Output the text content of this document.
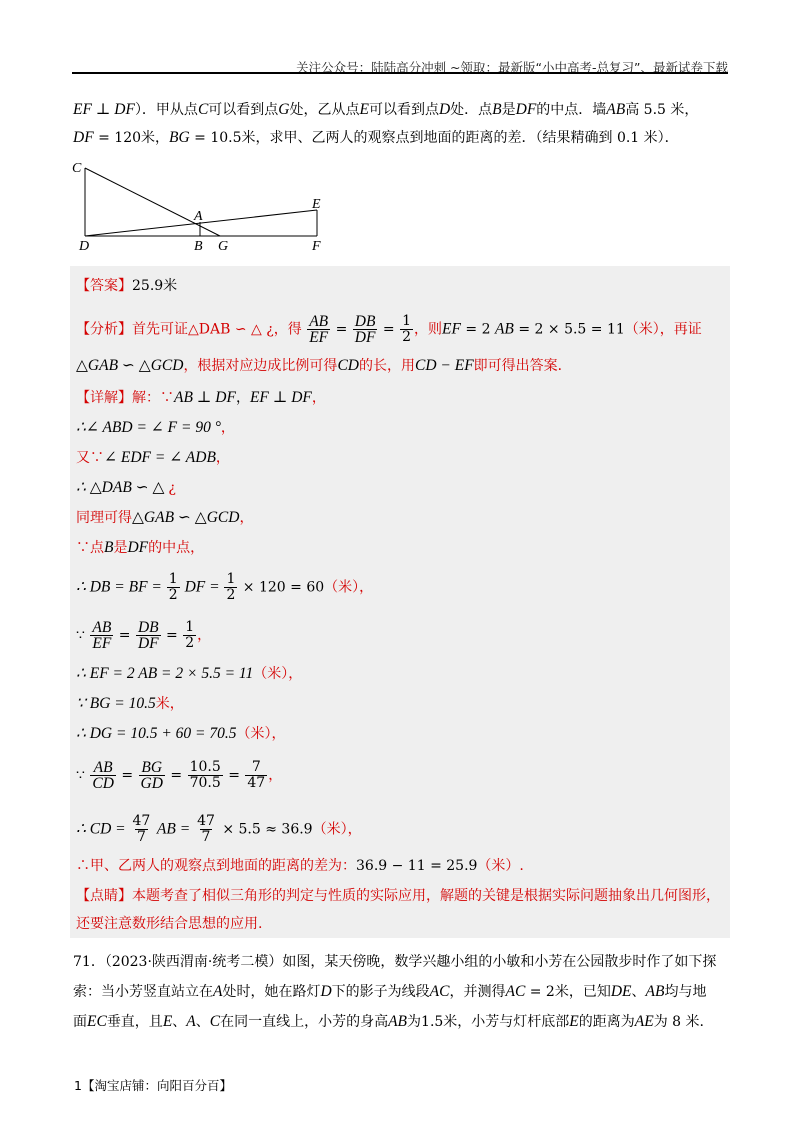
关注公众号：陆陆高分冲刺 ~领取：最新版“小中高考-总复习”、最新试卷下载
EF ⊥ DF）．甲从点C可以看到点G处，乙从点E可以看到点D处．点B是DF的中点．墙AB高 5.5 米，
DF = 120米，BG = 10.5米，求甲、乙两人的观察点到地面的距离的差．（结果精确到 0.1 米）．
C
A
E
D	B G	F
【答案】25.9米
【分析】首先可证△DAB ∽ △ ¿，得 $\frac{AB}{EF} = \frac{DB}{DF} = \frac{1}{2}$ ，则EF = 2 AB = 2 × 5.5 = 11（米），再证
△GAB ∽ △GCD，根据对应边成比例可得CD的长，用CD − EF即可得出答案．
【详解】解：∵AB ⊥ DF，EF ⊥ DF，
∴∠ ABD = ∠ F = 90 °，
又∵∠ EDF = ∠ ADB，
∴ △DAB ∽ △ ¿
同理可得△GAB ∽ △GCD，
∵点B是DF的中点，
∴ DB = BF = $\frac{1}{2}$ DF = $\frac{1}{2} \times 120 = 60$（米），
∵ $\frac{AB}{EF} = \frac{DB}{DF} = \frac{1}{2}$ ，
∴ EF = 2 AB = 2 × 5.5 = 11（米），
∵ BG = 10.5米，
∴ DG = 10.5 + 60 = 70.5（米），
∵ $\frac{AB}{CD} = \frac{BG}{GD} = \frac{10.5}{70.5} = \frac{7}{47}$ ，
∴ CD = $\frac{47}{7}$ AB = $\frac{47}{7} \times 5.5 \approx 36.9$（米），
∴甲、乙两人的观察点到地面的距离的差为：36.9 − 11 = 25.9（米）.
【点睛】本题考查了相似三角形的判定与性质的实际应用，解题的关键是根据实际问题抽象出几何图形，
还要注意数形结合思想的应用.
71．（2023·陕西渭南·统考二模）如图，某天傍晚，数学兴趣小组的小敏和小芳在公园散步时作了如下探
索：当小芳竖直站立在A处时，她在路灯D下的影子为线段AC，并测得AC = 2米，已知DE、AB均与地
面EC垂直，且E、A、C在同一直线上，小芳的身高AB为1.5米，小芳与灯杆底部E的距离为AE为 8 米.
1【淘宝店铺：向阳百分百】
